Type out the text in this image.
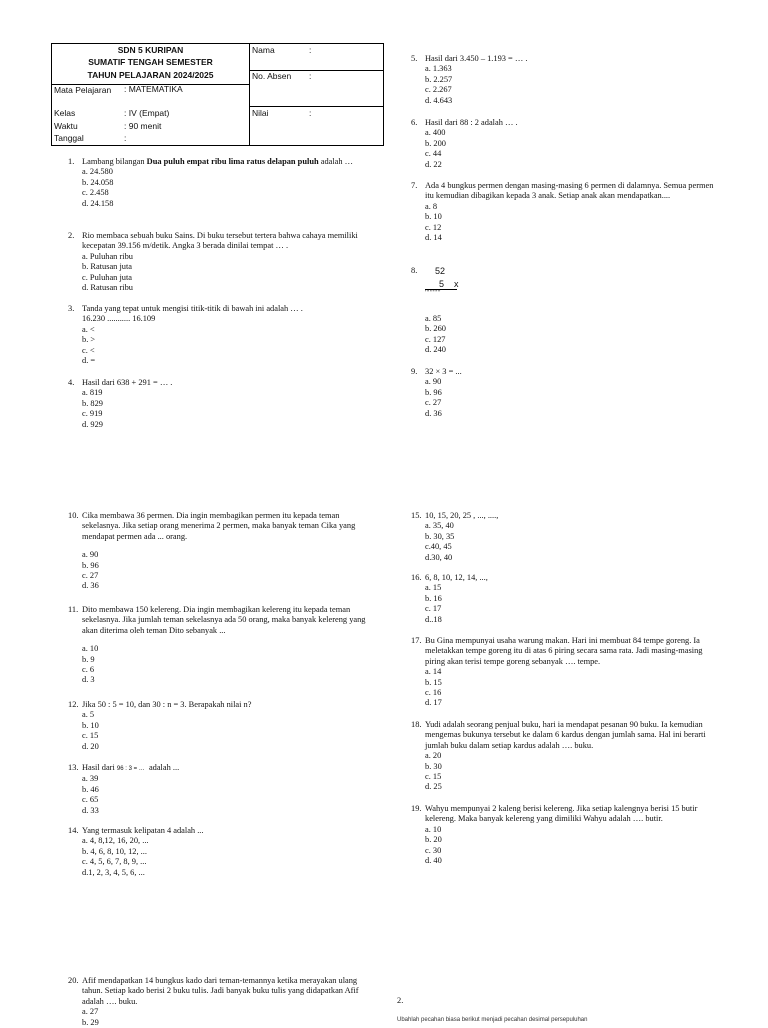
SDN 5 KURIPAN
SUMATIF TENGAH SEMESTER
TAHUN PELAJARAN 2024/2025
Mata Pelajaran	: MATEMATIKA
Kelas	: IV (Empat)
Waktu	: 90 menit
Tanggal	:
Nama	:
No. Absen :
Nilai	:
1. Lambang bilangan Dua puluh empat ribu lima ratus delapan puluh adalah …
a. 24.580
b. 24.058
c. 2.458
d. 24.158
2. Rio membaca sebuah buku Sains. Di buku tersebut tertera bahwa cahaya memiliki kecepatan 39.156 m/detik. Angka 3 berada dinilai tempat … .
a. Puluhan ribu
b. Ratusan juta
c. Puluhan juta
d. Ratusan ribu
3. Tanda yang tepat untuk mengisi titik-titik di bawah ini adalah … .
16.230 ........... 16.109
a. <
b. >
c. <
d. =
4. Hasil dari 638 + 291 = … .
a. 819
b. 829
c. 919
d. 929
5. Hasil dari 3.450 – 1.193 = … .
a. 1.363
b. 2.257
c. 2.267
d. 4.643
6. Hasil dari 88 : 2 adalah … .
a. 400
b. 200
c. 44
d. 22
7. Ada 4 bungkus permen dengan masing-masing 6 permen di dalamnya. Semua permen itu kemudian dibagikan kepada 3 anak. Setiap anak akan mendapatkan....
a. 8
b. 10
c. 12
d. 14
8. 52
5 x
''''''''''
a. 85
b. 260
c. 127
d. 240
9. 32 × 3 = ...
a. 90
b. 96
c. 27
d. 36
10. Cika membawa 36 permen. Dia ingin membagikan permen itu kepada teman sekelasnya. Jika setiap orang menerima 2 permen, maka banyak teman Cika yang mendapat permen ada ... orang.
a. 90
b. 96
c. 27
d. 36
11. Dito membawa 150 kelereng. Dia ingin membagikan kelereng itu kepada teman sekelasnya. Jika jumlah teman sekelasnya ada 50 orang, maka banyak kelereng yang akan diterima oleh teman Dito sebanyak ...
a. 10
b. 9
c. 6
d. 3
12. Jika 50 : 5 = 10, dan 30 : n = 3. Berapakah nilai n?
a. 5
b. 10
c. 15
d. 20
13. Hasil dari 96 : 3 = …  adalah ...
a. 39
b. 46
c. 65
d. 33
14. Yang termasuk kelipatan 4 adalah ...
a. 4, 8,12, 16, 20, ...
b. 4, 6, 8, 10, 12, ...
c. 4, 5, 6, 7, 8, 9, ...
d.1, 2, 3, 4, 5, 6, ...
15. 10, 15, 20, 25 , ..., ....,
a. 35, 40
b. 30, 35
c.40, 45
d.30, 40
16. 6, 8, 10, 12, 14, ...,
a. 15
b. 16
c. 17
d..18
17. Bu Gina mempunyai usaha warung makan. Hari ini membuat 84 tempe goreng. Ia meletakkan tempe goreng itu di atas 6 piring secara sama rata. Jadi masing-masing piring akan terisi tempe goreng sebanyak …. tempe.
a. 14
b. 15
c. 16
d. 17
18. Yudi adalah seorang penjual buku, hari ia mendapat pesanan 90 buku. Ia kemudian mengemas bukunya tersebut ke dalam 6 kardus dengan jumlah sama. Hal ini berarti jumlah buku dalam setiap kardus adalah …. buku.
a. 20
b. 30
c. 15
d. 25
19. Wahyu mempunyai 2 kaleng berisi kelereng. Jika setiap kalengnya berisi 15 butir kelereng. Maka banyak kelereng yang dimiliki Wahyu adalah …. butir.
a. 10
b. 20
c. 30
d. 40
20. Afif mendapatkan 14 bungkus kado dari teman-temannya ketika merayakan ulang tahun. Setiap kado berisi 2 buku tulis. Jadi banyak buku tulis yang didapatkan Afif adalah …. buku.
a. 27
b. 29
2.
Ubahlah pecahan biasa berikut menjadi pecahan desimal persepuluhan
